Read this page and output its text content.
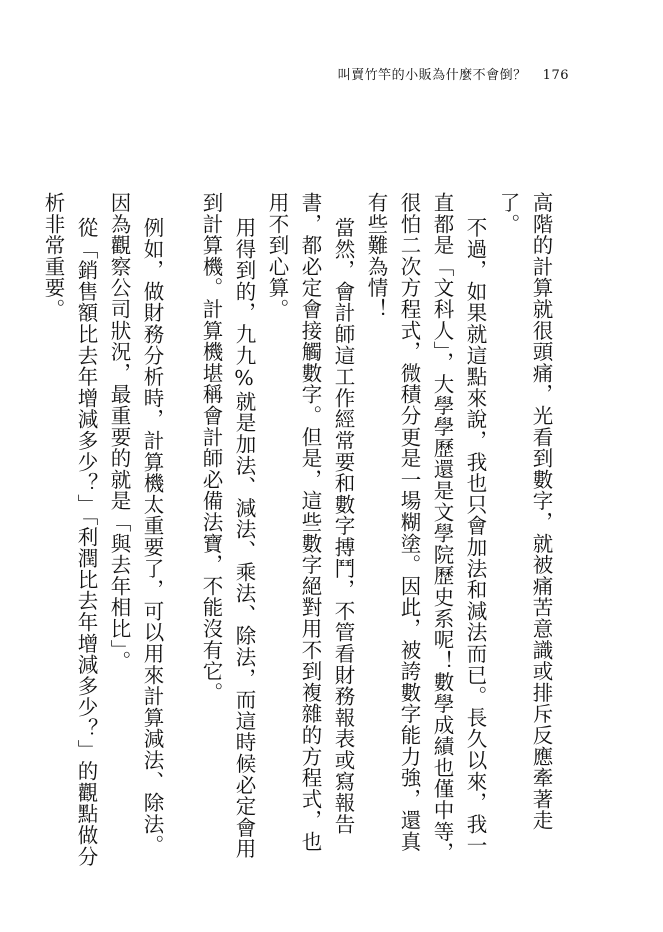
叫賣竹竿的小販為什麼不會倒？ 176

高階的計算就很頭痛，光看到數字，就被痛苦意識或排斥反應牽著走了。

不過，如果就這點來說，我也只會加法和減法而已。長久以來，我一直都是「文科人」，大學學歷還是文學院歷史系呢！數學成績也僅中等，很怕二次方程式，微積分更是一場糊塗。因此，被誇數字能力強，還真有些難為情！

當然，會計師這工作經常要和數字搏鬥，不管看財務報表或寫報告書，都必定會接觸數字。但是，這些數字絕對用不到複雜的方程式，也用不到心算。

用得到的，九九%就是加法、減法、乘法、除法，而這時候必定會用到計算機。計算機堪稱會計師必備法寶，不能沒有它。

例如，做財務分析時，計算機太重要了，可以用來計算減法、除法。因為觀察公司狀況，最重要的就是「與去年相比」。

從「銷售額比去年增減多少？」「利潤比去年增減多少？」的觀點做分析非常重要。
